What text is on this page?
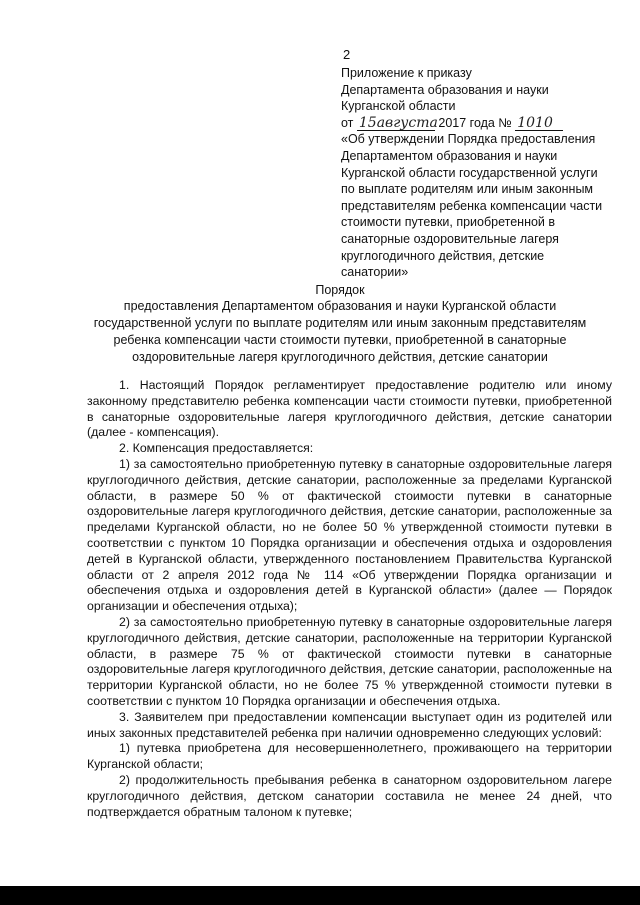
2
Приложение к приказу
Департамента образования и науки
Курганской области
от 15августа 2017 года № 1010
«Об утверждении Порядка предоставления
Департаментом образования и науки
Курганской области государственной услуги
по выплате родителям или иным законным
представителям ребенка компенсации части
стоимости путевки, приобретенной в
санаторные оздоровительные лагеря
круглогодичного действия, детские
санатории»
Порядок
предоставления Департаментом образования и науки Курганской области
государственной услуги по выплате родителям или иным законным представителям
ребенка компенсации части стоимости путевки, приобретенной в санаторные
оздоровительные лагеря круглогодичного действия, детские санатории

1. Настоящий Порядок регламентирует предоставление родителю или иному законному представителю ребенка компенсации части стоимости путевки, приобретенной в санаторные оздоровительные лагеря круглогодичного действия, детские санатории (далее - компенсация).

2. Компенсация предоставляется:

1) за самостоятельно приобретенную путевку в санаторные оздоровительные лагеря круглогодичного действия, детские санатории, расположенные за пределами Курганской области, в размере 50 % от фактической стоимости путевки в санаторные оздоровительные лагеря круглогодичного действия, детские санатории, расположенные за пределами Курганской области, но не более 50 % утвержденной стоимости путевки в соответствии с пунктом 10 Порядка организации и обеспечения отдыха и оздоровления детей в Курганской области, утвержденного постановлением Правительства Курганской области от 2 апреля 2012 года № 114 «Об утверждении Порядка организации и обеспечения отдыха и оздоровления детей в Курганской области» (далее — Порядок организации и обеспечения отдыха);

2) за самостоятельно приобретенную путевку в санаторные оздоровительные лагеря круглогодичного действия, детские санатории, расположенные на территории Курганской области, в размере 75 % от фактической стоимости путевки в санаторные оздоровительные лагеря круглогодичного действия, детские санатории, расположенные на территории Курганской области, но не более 75 % утвержденной стоимости путевки в соответствии с пунктом 10 Порядка организации и обеспечения отдыха.

3. Заявителем при предоставлении компенсации выступает один из родителей или иных законных представителей ребенка при наличии одновременно следующих условий:

1) путевка приобретена для несовершеннолетнего, проживающего на территории Курганской области;

2) продолжительность пребывания ребенка в санаторном оздоровительном лагере круглогодичного действия, детском санатории составила не менее 24 дней, что подтверждается обратным талоном к путевке;
